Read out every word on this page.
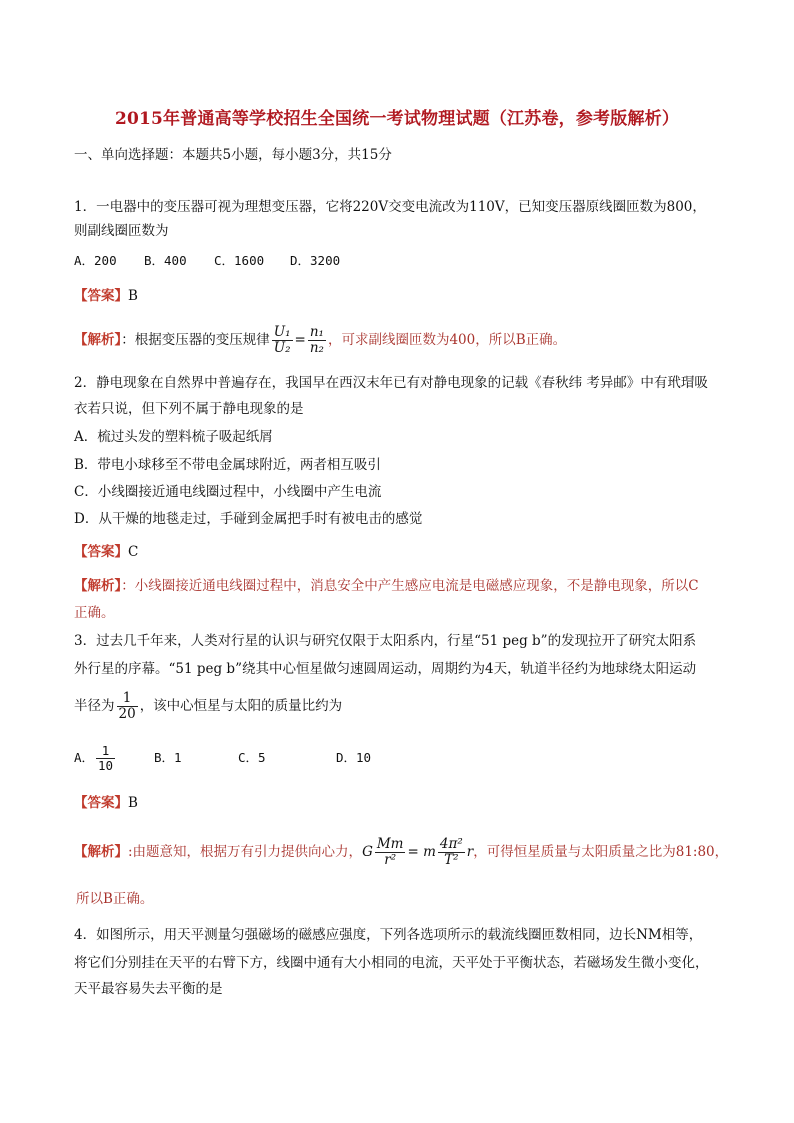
2015年普通高等学校招生全国统一考试物理试题（江苏卷，参考版解析）
一、单向选择题：本题共5小题，每小题3分，共15分
1．一电器中的变压器可视为理想变压器，它将220V交变电流改为110V，已知变压器原线圈匝数为800，
则副线圈匝数为
A．200 B．400 C．1600 D．3200
【答案】B
【解析】：根据变压器的变压规律 $\frac{\text{U₁}}{\text{U₂}} = \frac{\text{n₁}}{\text{n₂}}$ ，可求副线圈匝数为400，所以B正确。
2．静电现象在自然界中普遍存在，我国早在西汉末年已有对静电现象的记载《春秋纬 考异邮》中有玳瑁吸
衣若只说，但下列不属于静电现象的是
A．梳过头发的塑料梳子吸起纸屑
B．带电小球移至不带电金属球附近，两者相互吸引
C．小线圈接近通电线圈过程中，小线圈中产生电流
D．从干燥的地毯走过，手碰到金属把手时有被电击的感觉
【答案】C
【解析】：小线圈接近通电线圈过程中，消息安全中产生感应电流是电磁感应现象，不是静电现象，所以C
正确。
3．过去几千年来，人类对行星的认识与研究仅限于太阳系内，行星“51 peg b”的发现拉开了研究太阳系
外行星的序幕。“51 peg b”绕其中心恒星做匀速圆周运动，周期约为4天，轨道半径约为地球绕太阳运动
半径为 $\frac{1}{20}$ ，该中心恒星与太阳的质量比约为
A． $\frac{1}{10}$	B．1	C．5	D．10
【答案】B
【解析】:由题意知，根据万有引力提供向心力，G $\frac{Mm}{\text{r²}} = m \frac{\text{4π²}}{\text{T²}}$ r，可得恒星质量与太阳质量之比为81:80，
所以B正确。
4．如图所示，用天平测量匀强磁场的磁感应强度，下列各选项所示的载流线圈匝数相同，边长NM相等，
将它们分别挂在天平的右臂下方，线圈中通有大小相同的电流，天平处于平衡状态，若磁场发生微小变化，
天平最容易失去平衡的是
